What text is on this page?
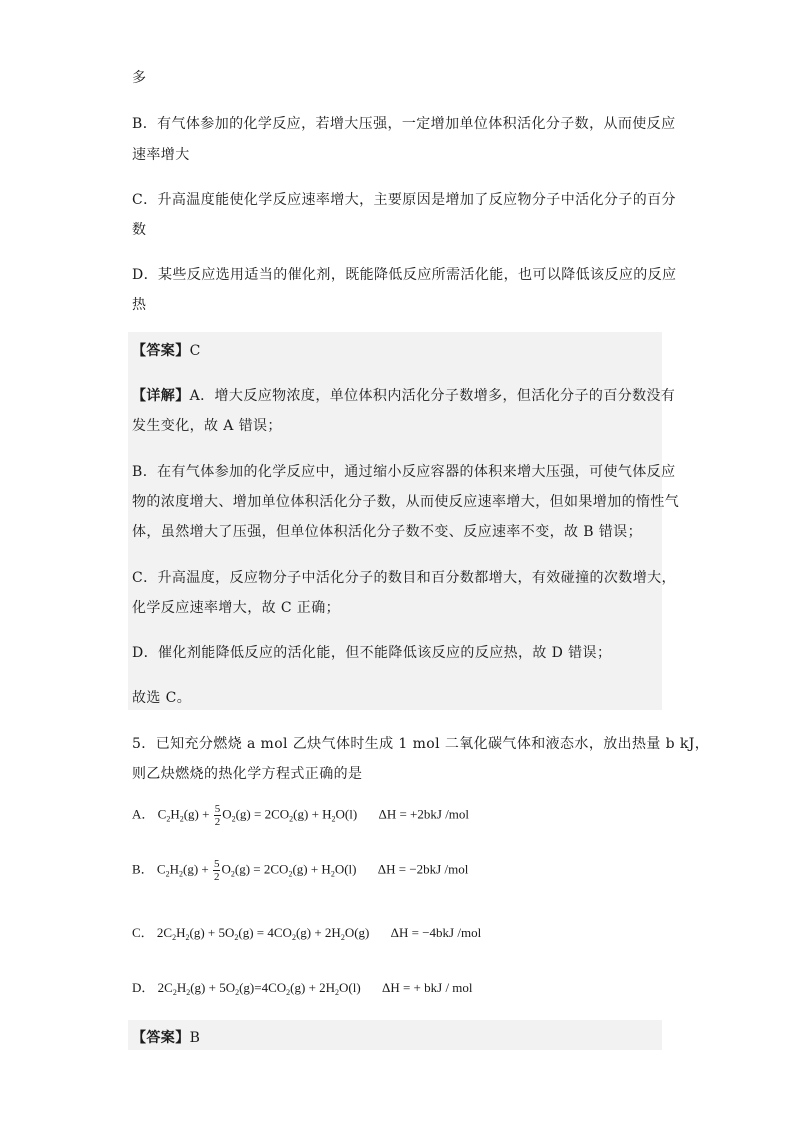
多
B．有气体参加的化学反应，若增大压强，一定增加单位体积活化分子数，从而使反应
速率增大
C．升高温度能使化学反应速率增大，主要原因是增加了反应物分子中活化分子的百分
数
D．某些反应选用适当的催化剂，既能降低反应所需活化能，也可以降低该反应的反应
热
【答案】C
【详解】A．增大反应物浓度，单位体积内活化分子数增多，但活化分子的百分数没有
发生变化，故 A 错误；
B．在有气体参加的化学反应中，通过缩小反应容器的体积来增大压强，可使气体反应
物的浓度增大、增加单位体积活化分子数，从而使反应速率增大，但如果增加的惰性气
体，虽然增大了压强，但单位体积活化分子数不变、反应速率不变，故 B 错误；
C．升高温度，反应物分子中活化分子的数目和百分数都增大，有效碰撞的次数增大，
化学反应速率增大，故 C 正确；
D．催化剂能降低反应的活化能，但不能降低该反应的反应热，故 D 错误；
故选 C。
5．已知充分燃烧 a mol 乙炔气体时生成 1 mol 二氧化碳气体和液态水，放出热量 b kJ，
则乙炔燃烧的热化学方程式正确的是
A． $C_2H_2(g) + \frac{5}{2} O_2(g) = 2CO_2(g) + H_2O(l) \Delta H = +2bkJ$ /mol
B． $C_2H_2(g) + \frac{5}{2} O_2(g) = 2CO_2(g) + H_2O(l) \Delta H = -2bkJ$ /mol
C． $2C_2H_2(g) + 5O_2(g) = 4CO_2(g) + 2H_2O(g) \Delta H = -4bkJ$ /mol
D． $2C_2H_2(g) + 5O_2(g)=4CO_2(g) + 2H_2O(l) \Delta H$ = + bkJ / mol
【答案】B
